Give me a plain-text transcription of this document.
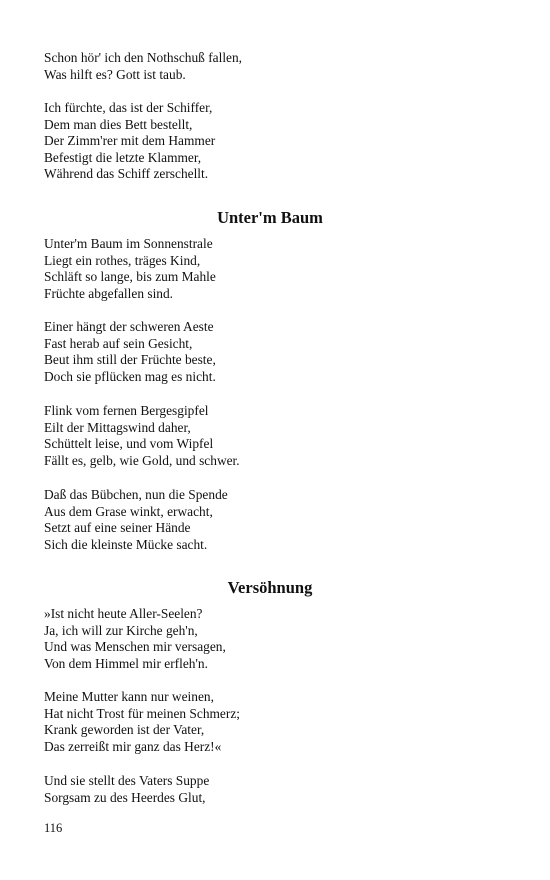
Schon hör' ich den Nothschuß fallen,
Was hilft es? Gott ist taub.
Ich fürchte, das ist der Schiffer,
Dem man dies Bett bestellt,
Der Zimm'rer mit dem Hammer
Befestigt die letzte Klammer,
Während das Schiff zerschellt.
Unter'm Baum
Unter'm Baum im Sonnenstrale
Liegt ein rothes, träges Kind,
Schläft so lange, bis zum Mahle
Früchte abgefallen sind.
Einer hängt der schweren Aeste
Fast herab auf sein Gesicht,
Beut ihm still der Früchte beste,
Doch sie pflücken mag es nicht.
Flink vom fernen Bergesgipfel
Eilt der Mittagswind daher,
Schüttelt leise, und vom Wipfel
Fällt es, gelb, wie Gold, und schwer.
Daß das Bübchen, nun die Spende
Aus dem Grase winkt, erwacht,
Setzt auf eine seiner Hände
Sich die kleinste Mücke sacht.
Versöhnung
»Ist nicht heute Aller-Seelen?
Ja, ich will zur Kirche geh'n,
Und was Menschen mir versagen,
Von dem Himmel mir erfleh'n.
Meine Mutter kann nur weinen,
Hat nicht Trost für meinen Schmerz;
Krank geworden ist der Vater,
Das zerreißt mir ganz das Herz!«
Und sie stellt des Vaters Suppe
Sorgsam zu des Heerdes Glut,
116
